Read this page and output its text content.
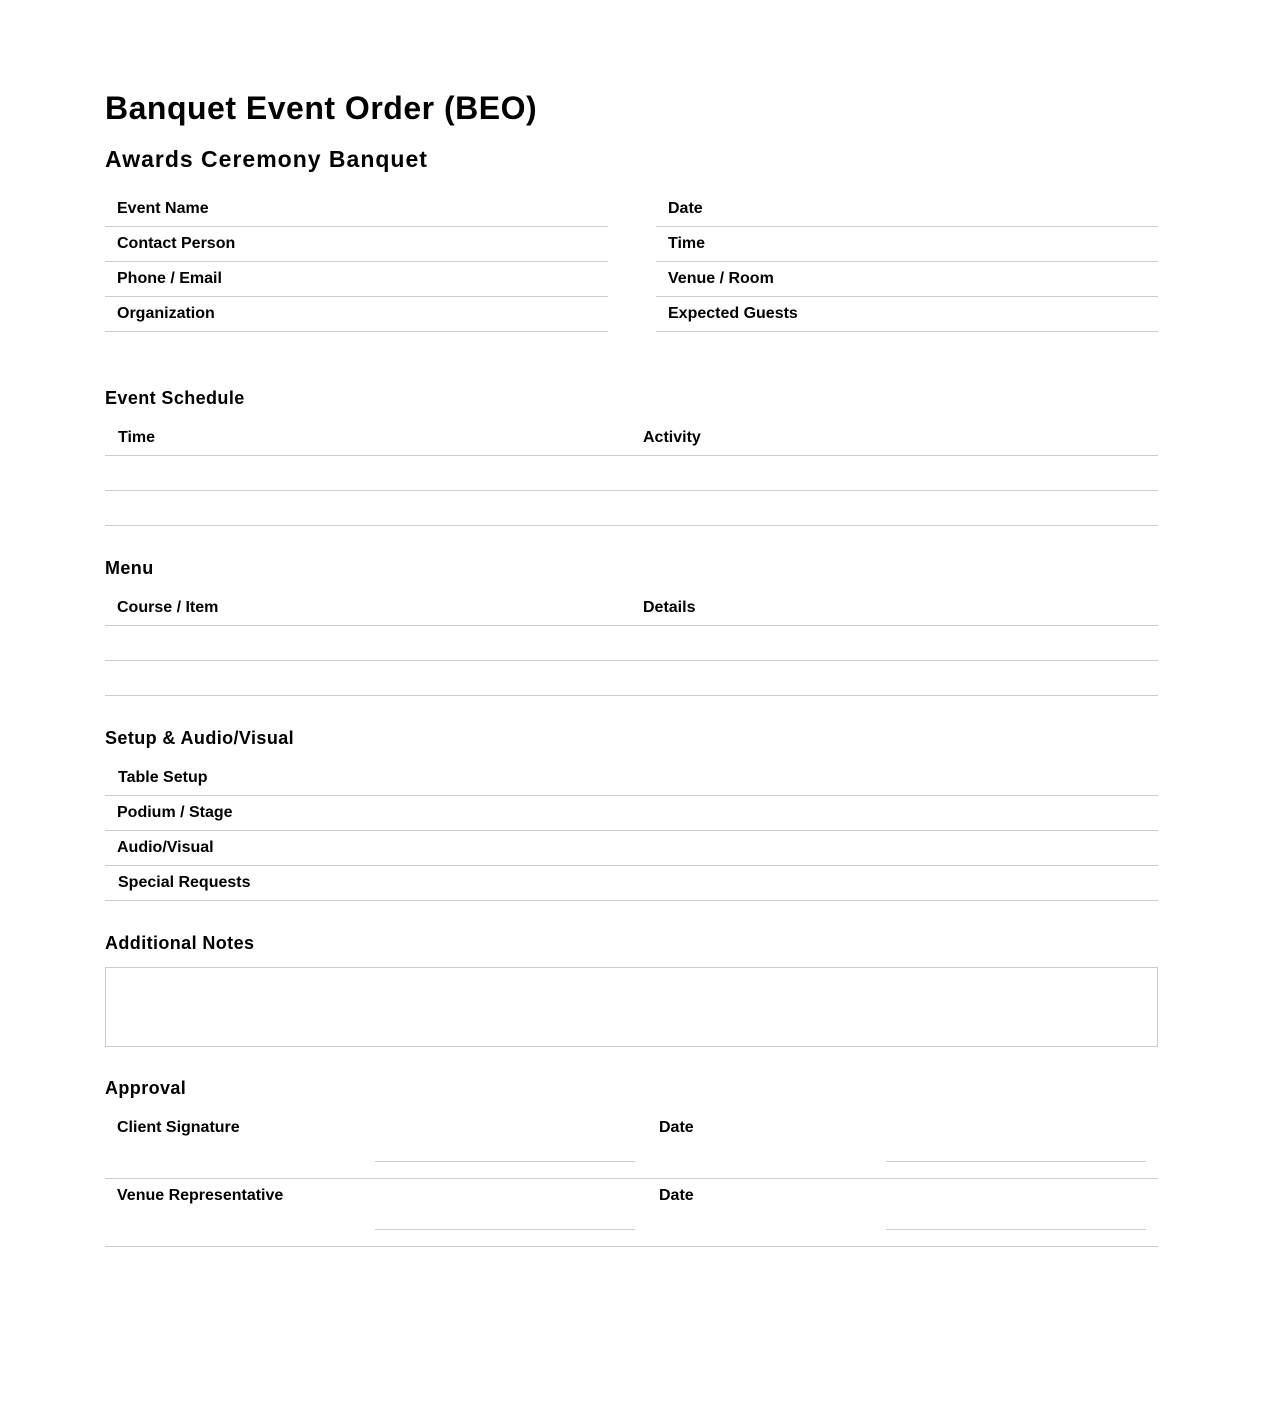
Banquet Event Order (BEO)
Awards Ceremony Banquet
Event Name
Contact Person
Phone / Email
Organization
Date
Time
Venue / Room
Expected Guests
Event Schedule
Time	Activity
Menu
Course / Item	Details
Setup & Audio/Visual
Table Setup
Podium / Stage
Audio/Visual
Special Requests
Additional Notes
Approval
Client Signature	Date
Venue Representative	Date
